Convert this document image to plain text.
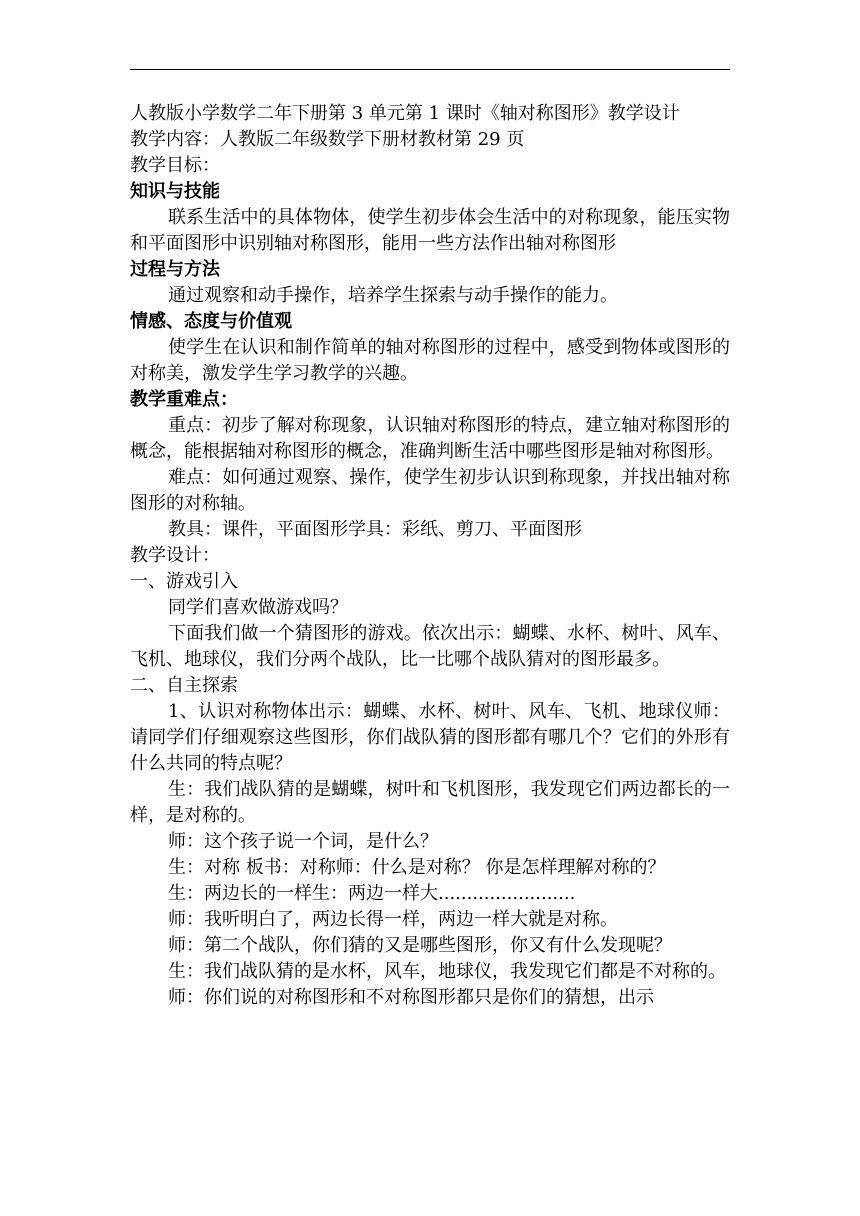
人教版小学数学二年下册第 3 单元第 1 课时《轴对称图形》教学设计

教学内容：人教版二年级数学下册材教材第 29 页

教学目标：

知识与技能

联系生活中的具体物体，使学生初步体会生活中的对称现象，能压实物和平面图形中识别轴对称图形，能用一些方法作出轴对称图形

过程与方法

通过观察和动手操作，培养学生探索与动手操作的能力。

情感、态度与价值观

使学生在认识和制作简单的轴对称图形的过程中，感受到物体或图形的对称美，激发学生学习教学的兴趣。

教学重难点：

重点：初步了解对称现象，认识轴对称图形的特点，建立轴对称图形的概念，能根据轴对称图形的概念，准确判断生活中哪些图形是轴对称图形。

难点：如何通过观察、操作，使学生初步认识到称现象，并找出轴对称图形的对称轴。

教具：课件，平面图形学具：彩纸、剪刀、平面图形

教学设计：

一、游戏引入

同学们喜欢做游戏吗？

下面我们做一个猜图形的游戏。依次出示：蝴蝶、水杯、树叶、风车、飞机、地球仪，我们分两个战队，比一比哪个战队猜对的图形最多。

二、自主探索

1、认识对称物体出示：蝴蝶、水杯、树叶、风车、飞机、地球仪师：请同学们仔细观察这些图形，你们战队猜的图形都有哪几个？它们的外形有什么共同的特点呢？

生：我们战队猜的是蝴蝶，树叶和飞机图形，我发现它们两边都长的一样，是对称的。

师：这个孩子说一个词，是什么？

生：对称 板书：对称师：什么是对称？ 你是怎样理解对称的？

生：两边长的一样生：两边一样大........................

师：我听明白了，两边长得一样，两边一样大就是对称。

师：第二个战队，你们猜的又是哪些图形，你又有什么发现呢？

生：我们战队猜的是水杯，风车，地球仪，我发现它们都是不对称的。

师：你们说的对称图形和不对称图形都只是你们的猜想，出示
